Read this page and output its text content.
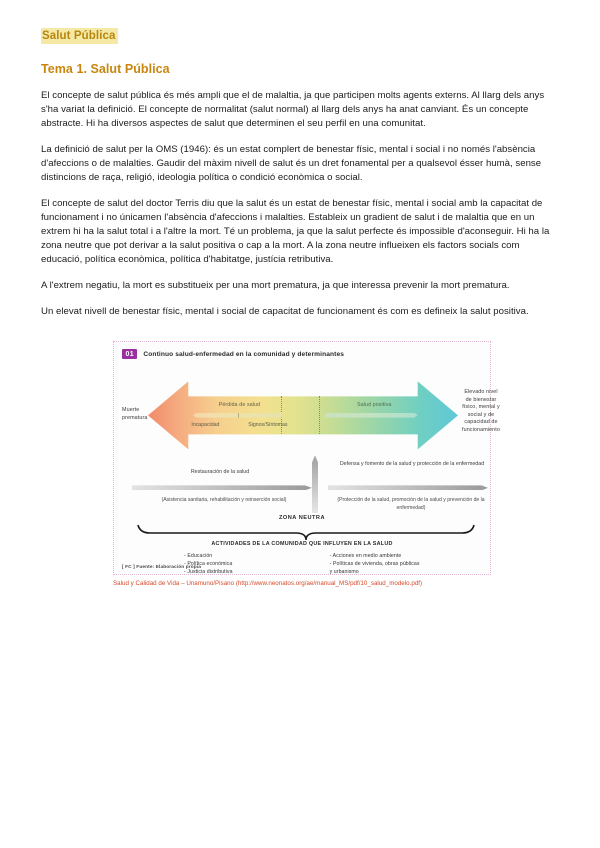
Salut Pública
Tema 1. Salut Pública

El concepte de salut pública és més ampli que el de malaltia, ja que participen molts agents externs. Al llarg dels anys s'ha variat la definició. El concepte de normalitat (salut normal) al llarg dels anys ha anat canviant. És un concepte abstracte. Hi ha diversos aspectes de salut que determinen el seu perfil en una comunitat.

La definició de salut per la OMS (1946): és un estat complert de benestar físic, mental i social i no només l'absència d'afeccions o de malalties. Gaudir del màxim nivell de salut és un dret fonamental per a qualsevol ésser humà, sense distincions de raça, religió, ideologia política o condició econòmica o social.

El concepte de salut del doctor Terris diu que la salut és un estat de benestar físic, mental i social amb la capacitat de funcionament i no únicamen l'absència d'afeccions i malalties. Estableix un gradient de salut i de malaltia que en un extrem hi ha la salut total i a l'altre la mort. Té un problema, ja que la salut perfecte és impossible d'aconseguir. Hi ha la zona neutre que pot derivar a la salut positiva o cap a la mort. A la zona neutre influeixen els factors socials com educació, política econòmica, política d'habitatge, justícia retributiva.

A l'extrem negatiu, la mort es substitueix per una mort prematura, ja que interessa prevenir la mort prematura.

Un elevat nivell de benestar físic, mental i social de capacitat de funcionament és com es defineix la salut positiva.

01	Continuo salud-enfermedad en la comunidad y determinantes
Muerte prematura
Elevado nivel de bienestar físico, mental y social y de capacidad de funcionamiento
Pérdida de salud
|
Incapacidad	Signos/Síntomas
Salud positiva
Restauración de la salud
Defensa y fomento de la salud y protección de la enfermedad
(Asistencia sanitaria, rehabilitación y reinserción social)	(Protección de la salud, promoción de la salud y prevención de la enfermedad)
ZONA NEUTRA
ACTIVIDADES DE LA COMUNIDAD QUE INFLUYEN EN LA SALUD
- Educación
- Política económica
- Justicia distributiva
- Acciones en medio ambiente
- Políticas de vivienda, obras públicas
y urbanismo
[ FC ] Fuente: Elaboración propia
Salud y Calidad de Vida – Unamuno/Pisano (http://www.neonatos.org/ae/manual_MS/pdf/10_salud_modelo.pdf)
